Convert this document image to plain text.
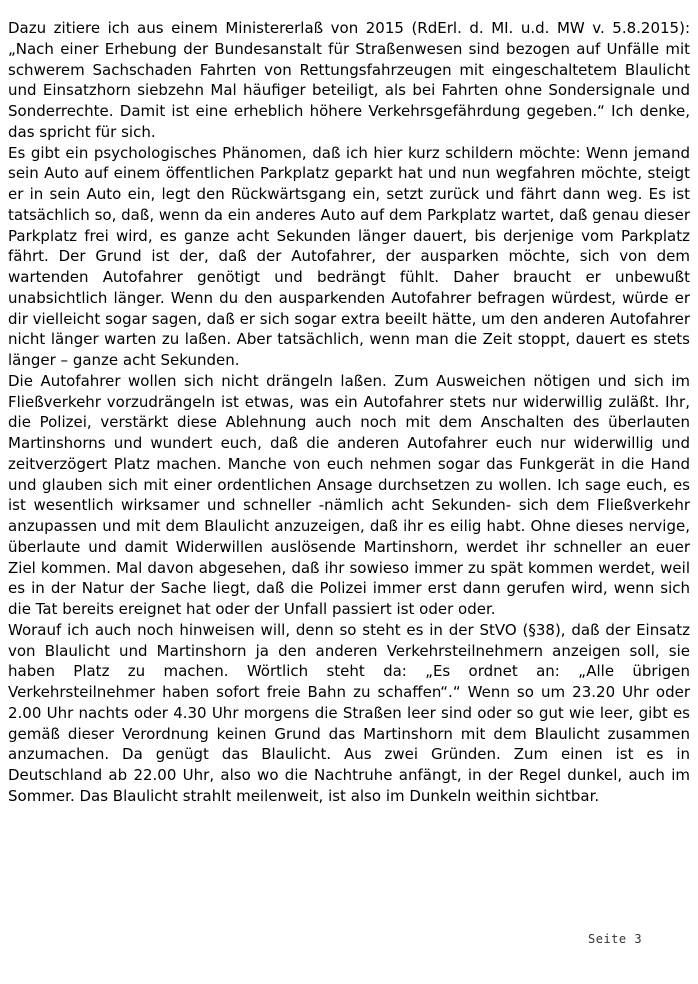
Dazu zitiere ich aus einem Ministererlaß von 2015 (RdErl. d. MI. u.d. MW v. 5.8.2015): „Nach einer Erhebung der Bundesanstalt für Straßenwesen sind bezogen auf Unfälle mit schwerem Sachschaden Fahrten von Rettungsfahrzeugen mit eingeschaltetem Blaulicht und Einsatzhorn siebzehn Mal häufiger beteiligt, als bei Fahrten ohne Sondersignale und Sonderrechte. Damit ist eine erheblich höhere Verkehrsgefährdung gegeben.“ Ich denke, das spricht für sich.

Es gibt ein psychologisches Phänomen, daß ich hier kurz schildern möchte: Wenn jemand sein Auto auf einem öffentlichen Parkplatz geparkt hat und nun wegfahren möchte, steigt er in sein Auto ein, legt den Rückwärtsgang ein, setzt zurück und fährt dann weg. Es ist tatsächlich so, daß, wenn da ein anderes Auto auf dem Parkplatz wartet, daß genau dieser Parkplatz frei wird, es ganze acht Sekunden länger dauert, bis derjenige vom Parkplatz fährt. Der Grund ist der, daß der Autofahrer, der ausparken möchte, sich von dem wartenden Autofahrer genötigt und bedrängt fühlt. Daher braucht er unbewußt unabsichtlich länger. Wenn du den ausparkenden Autofahrer befragen würdest, würde er dir vielleicht sogar sagen, daß er sich sogar extra beeilt hätte, um den anderen Autofahrer nicht länger warten zu laßen. Aber tatsächlich, wenn man die Zeit stoppt, dauert es stets länger – ganze acht Sekunden.

Die Autofahrer wollen sich nicht drängeln laßen. Zum Ausweichen nötigen und sich im Fließverkehr vorzudrängeln ist etwas, was ein Autofahrer stets nur widerwillig zuläßt. Ihr, die Polizei, verstärkt diese Ablehnung auch noch mit dem Anschalten des überlauten Martinshorns und wundert euch, daß die anderen Autofahrer euch nur widerwillig und zeitverzögert Platz machen. Manche von euch nehmen sogar das Funkgerät in die Hand und glauben sich mit einer ordentlichen Ansage durchsetzen zu wollen. Ich sage euch, es ist wesentlich wirksamer und schneller -nämlich acht Sekunden- sich dem Fließverkehr anzupassen und mit dem Blaulicht anzuzeigen, daß ihr es eilig habt. Ohne dieses nervige, überlaute und damit Widerwillen auslösende Martinshorn, werdet ihr schneller an euer Ziel kommen. Mal davon abgesehen, daß ihr sowieso immer zu spät kommen werdet, weil es in der Natur der Sache liegt, daß die Polizei immer erst dann gerufen wird, wenn sich die Tat bereits ereignet hat oder der Unfall passiert ist oder oder.

Worauf ich auch noch hinweisen will, denn so steht es in der StVO (§38), daß der Einsatz von Blaulicht und Martinshorn ja den anderen Verkehrsteilnehmern anzeigen soll, sie haben Platz zu machen. Wörtlich steht da: „Es ordnet an: „Alle übrigen Verkehrsteilnehmer haben sofort freie Bahn zu schaffen“.“ Wenn so um 23.20 Uhr oder 2.00 Uhr nachts oder 4.30 Uhr morgens die Straßen leer sind oder so gut wie leer, gibt es gemäß dieser Verordnung keinen Grund das Martinshorn mit dem Blaulicht zusammen anzumachen. Da genügt das Blaulicht. Aus zwei Gründen. Zum einen ist es in Deutschland ab 22.00 Uhr, also wo die Nachtruhe anfängt, in der Regel dunkel, auch im Sommer. Das Blaulicht strahlt meilenweit, ist also im Dunkeln weithin sichtbar.

Seite 3
